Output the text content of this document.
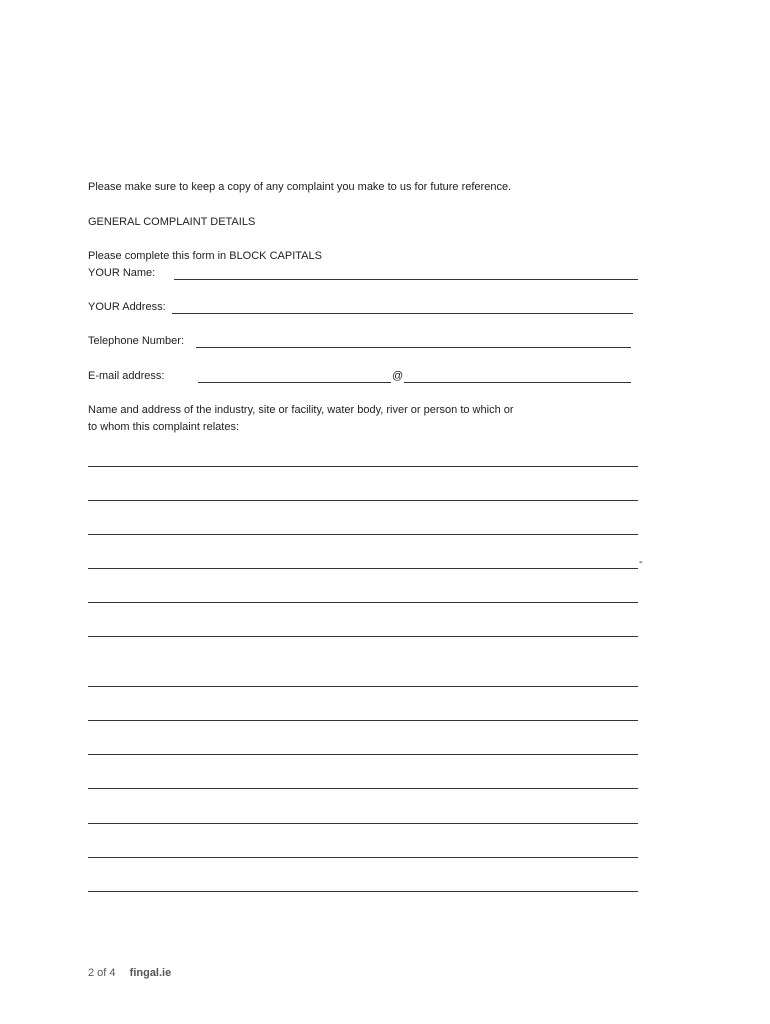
Please make sure to keep a copy of any complaint you make to us for future reference.
GENERAL COMPLAINT DETAILS
Please complete this form in BLOCK CAPITALS
YOUR Name:
YOUR Address:
Telephone Number:
E-mail address:	@
Name and address of the industry, site or facility, water body, river or person to which or
to whom this complaint relates:
-
2 of 4 fingal.ie
